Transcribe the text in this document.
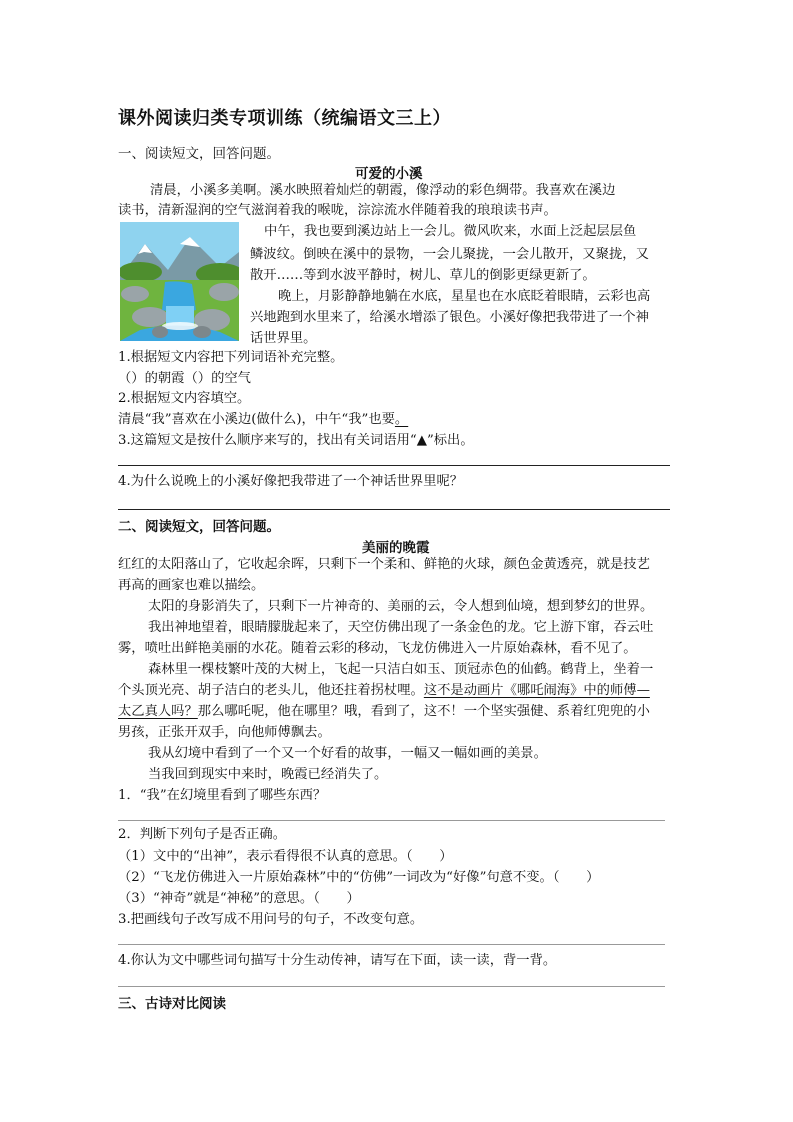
课外阅读归类专项训练（统编语文三上）
一、阅读短文，回答问题。
可爱的小溪
清晨，小溪多美啊。溪水映照着灿烂的朝霞，像浮动的彩色绸带。我喜欢在溪边
读书，清新湿润的空气滋润着我的喉咙，淙淙流水伴随着我的琅琅读书声。
中午，我也要到溪边站上一会儿。微风吹来，水面上泛起层层鱼
鳞波纹。倒映在溪中的景物，一会儿聚拢，一会儿散开，又聚拢，又
散开……等到水波平静时，树儿、草儿的倒影更绿更新了。
晚上，月影静静地躺在水底，星星也在水底眨着眼睛，云彩也高
兴地跑到水里来了，给溪水增添了银色。小溪好像把我带进了一个神
话世界里。
1.根据短文内容把下列词语补充完整。
（）的朝霞（）的空气
2.根据短文内容填空。
清晨“我”喜欢在小溪边(做什么)，中午“我”也要。
3.这篇短文是按什么顺序来写的，找出有关词语用“▲”标出。
4.为什么说晚上的小溪好像把我带进了一个神话世界里呢？
二、阅读短文，回答问题。
美丽的晚霞
红红的太阳落山了，它收起余晖，只剩下一个柔和、鲜艳的火球，颜色金黄透亮，就是技艺
再高的画家也难以描绘。
太阳的身影消失了，只剩下一片神奇的、美丽的云，令人想到仙境，想到梦幻的世界。
我出神地望着，眼睛朦胧起来了，天空仿佛出现了一条金色的龙。它上游下窜，吞云吐
雾，喷吐出鲜艳美丽的水花。随着云彩的移动，飞龙仿佛进入一片原始森林，看不见了。
森林里一棵枝繁叶茂的大树上，飞起一只洁白如玉、顶冠赤色的仙鹤。鹤背上，坐着一
个头顶光亮、胡子洁白的老头儿，他还拄着拐杖哩。这不是动画片《哪吒闹海》中的师傅—
太乙真人吗？那么哪吒呢，他在哪里？哦，看到了，这不！一个坚实强健、系着红兜兜的小
男孩，正张开双手，向他师傅飘去。
我从幻境中看到了一个又一个好看的故事，一幅又一幅如画的美景。
当我回到现实中来时，晚霞已经消失了。
1．“我”在幻境里看到了哪些东西？
2．判断下列句子是否正确。
（1）文中的“出神”，表示看得很不认真的意思。（　　）
（2）“飞龙仿佛进入一片原始森林”中的“仿佛”一词改为“好像”句意不变。（　　）
（3）“神奇”就是“神秘”的意思。（　　）
3.把画线句子改写成不用问号的句子，不改变句意。
4.你认为文中哪些词句描写十分生动传神，请写在下面，读一读，背一背。
三、古诗对比阅读
